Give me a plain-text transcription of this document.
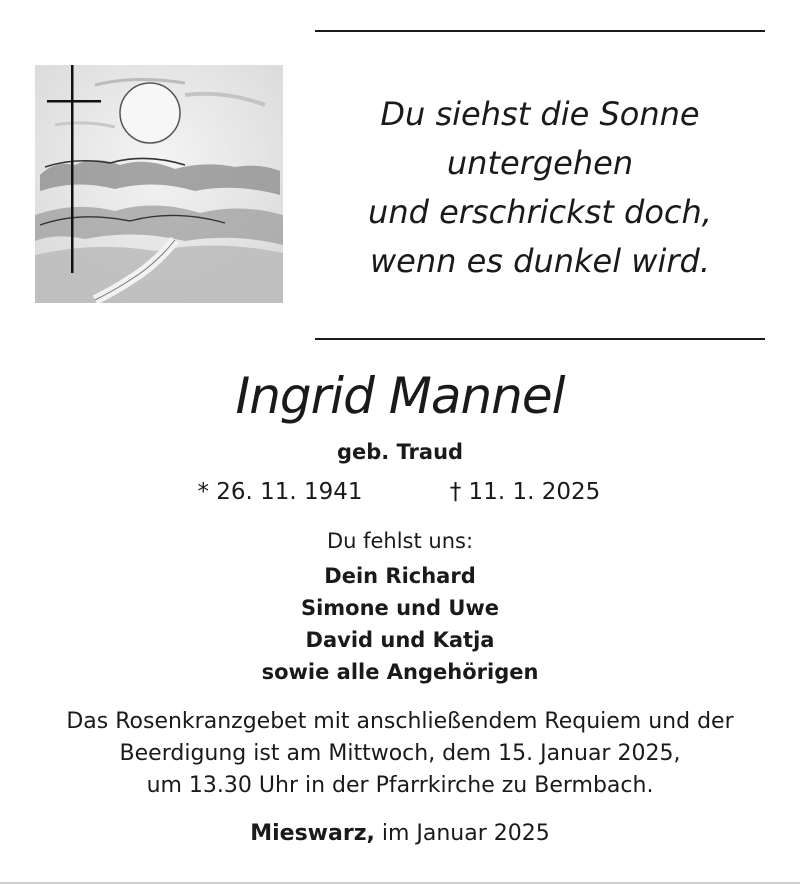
Du siehst die Sonne
untergehen
und erschrickst doch,
wenn es dunkel wird.
Ingrid Mannel
geb. Traud
* 26. 11. 1941	† 11. 1. 2025
Du fehlst uns:
Dein Richard
Simone und Uwe
David und Katja
sowie alle Angehörigen
Das Rosenkranzgebet mit anschließendem Requiem und der
Beerdigung ist am Mittwoch, dem 15. Januar 2025,
um 13.30 Uhr in der Pfarrkirche zu Bermbach.
Mieswarz, im Januar 2025
